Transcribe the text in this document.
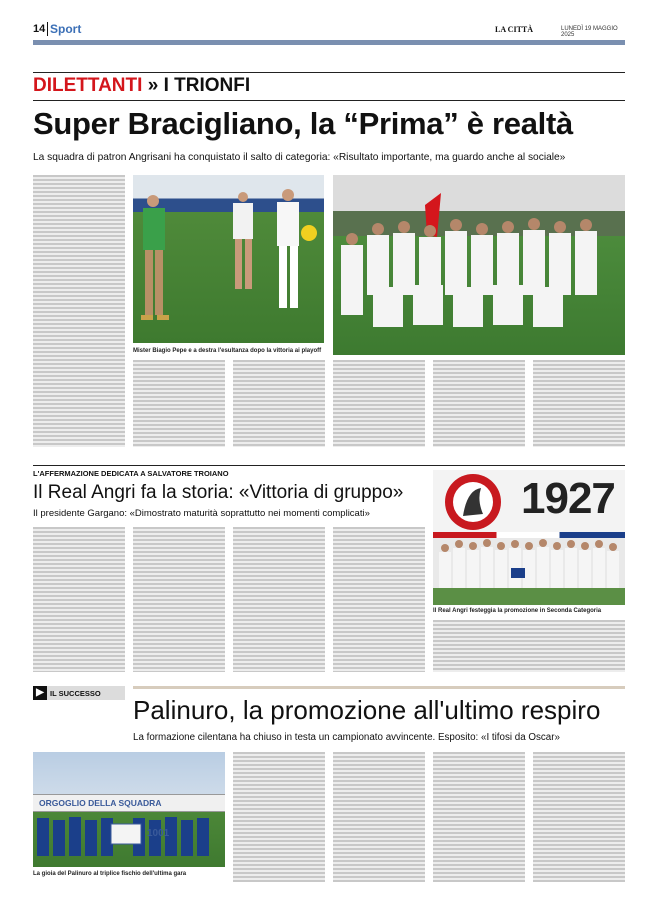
14 Sport	LA CITTÀ	LUNEDÌ 19 MAGGIO 2025
DILETTANTI » I TRIONFI
Super Bracigliano, la “Prima” è realtà
La squadra di patron Angrisani ha conquistato il salto di categoria: «Risultato importante, ma guardo anche al sociale»
Mister Biagio Pepe e a destra l'esultanza dopo la vittoria ai playoff
L'AFFERMAZIONE DEDICATA A SALVATORE TROIANO
Il Real Angri fa la storia: «Vittoria di gruppo»
Il presidente Gargano: «Dimostrato maturità soprattutto nei momenti complicati»	1927
Il Real Angri festeggia la promozione in Seconda Categoria
▶ IL SUCCESSO
Palinuro, la promozione all'ultimo respiro
La formazione cilentana ha chiuso in testa un campionato avvincente. Esposito: «I tifosi da Oscar»
ORGOGLIO DELLA SQUADRA
1001
La gioia del Palinuro al triplice fischio dell'ultima gara
